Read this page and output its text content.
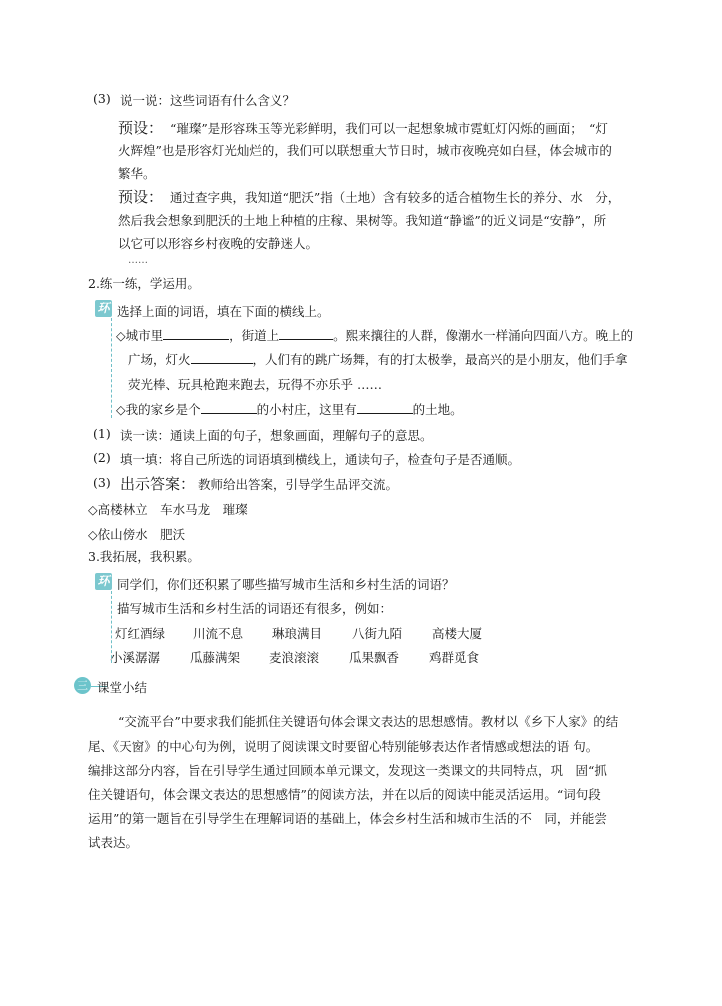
(3) 说一说：这些词语有什么含义？
预设： “璀璨”是形容珠玉等光彩鲜明，我们可以一起想象城市霓虹灯闪烁的画面；　“灯
火辉煌”也是形容灯光灿烂的，我们可以联想重大节日时，城市夜晚亮如白昼，体会城市的
繁华。
预设： 通过查字典，我知道“肥沃”指（土地）含有较多的适合植物生长的养分、水　分，
然后我会想象到肥沃的土地上种植的庄稼、果树等。我知道“静谧”的近义词是“安静”，所
以它可以形容乡村夜晚的安静迷人。
……
2.练一练，学运用。
环 选择上面的词语，填在下面的横线上。
◇城市里	，街道上	。熙来攘往的人群，像潮水一样涌向四面八方。晚上的
广场，灯火	，人们有的跳广场舞，有的打太极拳，最高兴的是小朋友，他们手拿
荧光棒、玩具枪跑来跑去，玩得不亦乐乎 ……
◇我的家乡是个	的小村庄，这里有	的土地。
(1) 读一读：通读上面的句子，想象画面，理解句子的意思。
(2) 填一填：将自己所选的词语填到横线上，通读句子，检查句子是否通顺。
(3) 出示答案： 教师给出答案，引导学生品评交流。
◇高楼林立　车水马龙　璀璨
◇依山傍水　肥沃
3.我拓展，我积累。
环 同学们，你们还积累了哪些描写城市生活和乡村生活的词语？
描写城市生活和乡村生活的词语还有很多，例如：
灯红酒绿 川流不息 琳琅满目 八街九陌 高楼大厦
小溪潺潺 瓜藤满架 麦浪滚滚 瓜果飘香 鸡群觅食
三 课堂小结
“交流平台”中要求我们能抓住关键语句体会课文表达的思想感情。教材以《乡下人家》的结
尾、《天窗》的中心句为例，说明了阅读课文时要留心特别能够表达作者情感或想法的语 句。
编排这部分内容，旨在引导学生通过回顾本单元课文，发现这一类课文的共同特点，巩　固“抓
住关键语句，体会课文表达的思想感情”的阅读方法，并在以后的阅读中能灵活运用。“词句段
运用”的第一题旨在引导学生在理解词语的基础上，体会乡村生活和城市生活的不　同，并能尝
试表达。
